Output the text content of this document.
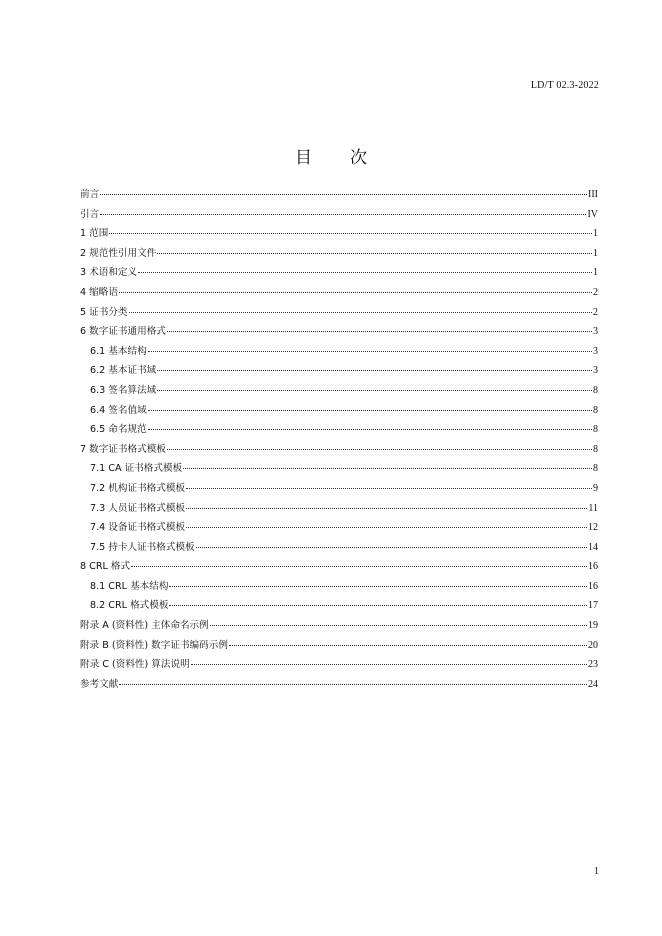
LD/T 02.3-2022
目次
前言	III
引言	IV
1 范围	1
2 规范性引用文件	1
3 术语和定义	1
4 缩略语	2
5 证书分类	2
6 数字证书通用格式	3
6.1 基本结构	3
6.2 基本证书域	3
6.3 签名算法域	8
6.4 签名值域	8
6.5 命名规范	8
7 数字证书格式模板	8
7.1 CA 证书格式模板	8
7.2 机构证书格式模板	9
7.3 人员证书格式模板	11
7.4 设备证书格式模板	12
7.5 持卡人证书格式模板	14
8 CRL 格式	16
8.1 CRL 基本结构	16
8.2 CRL 格式模板	17
附录 A (资料性) 主体命名示例	19
附录 B (资料性) 数字证书编码示例	20
附录 C (资料性) 算法说明	23
参考文献	24
1
